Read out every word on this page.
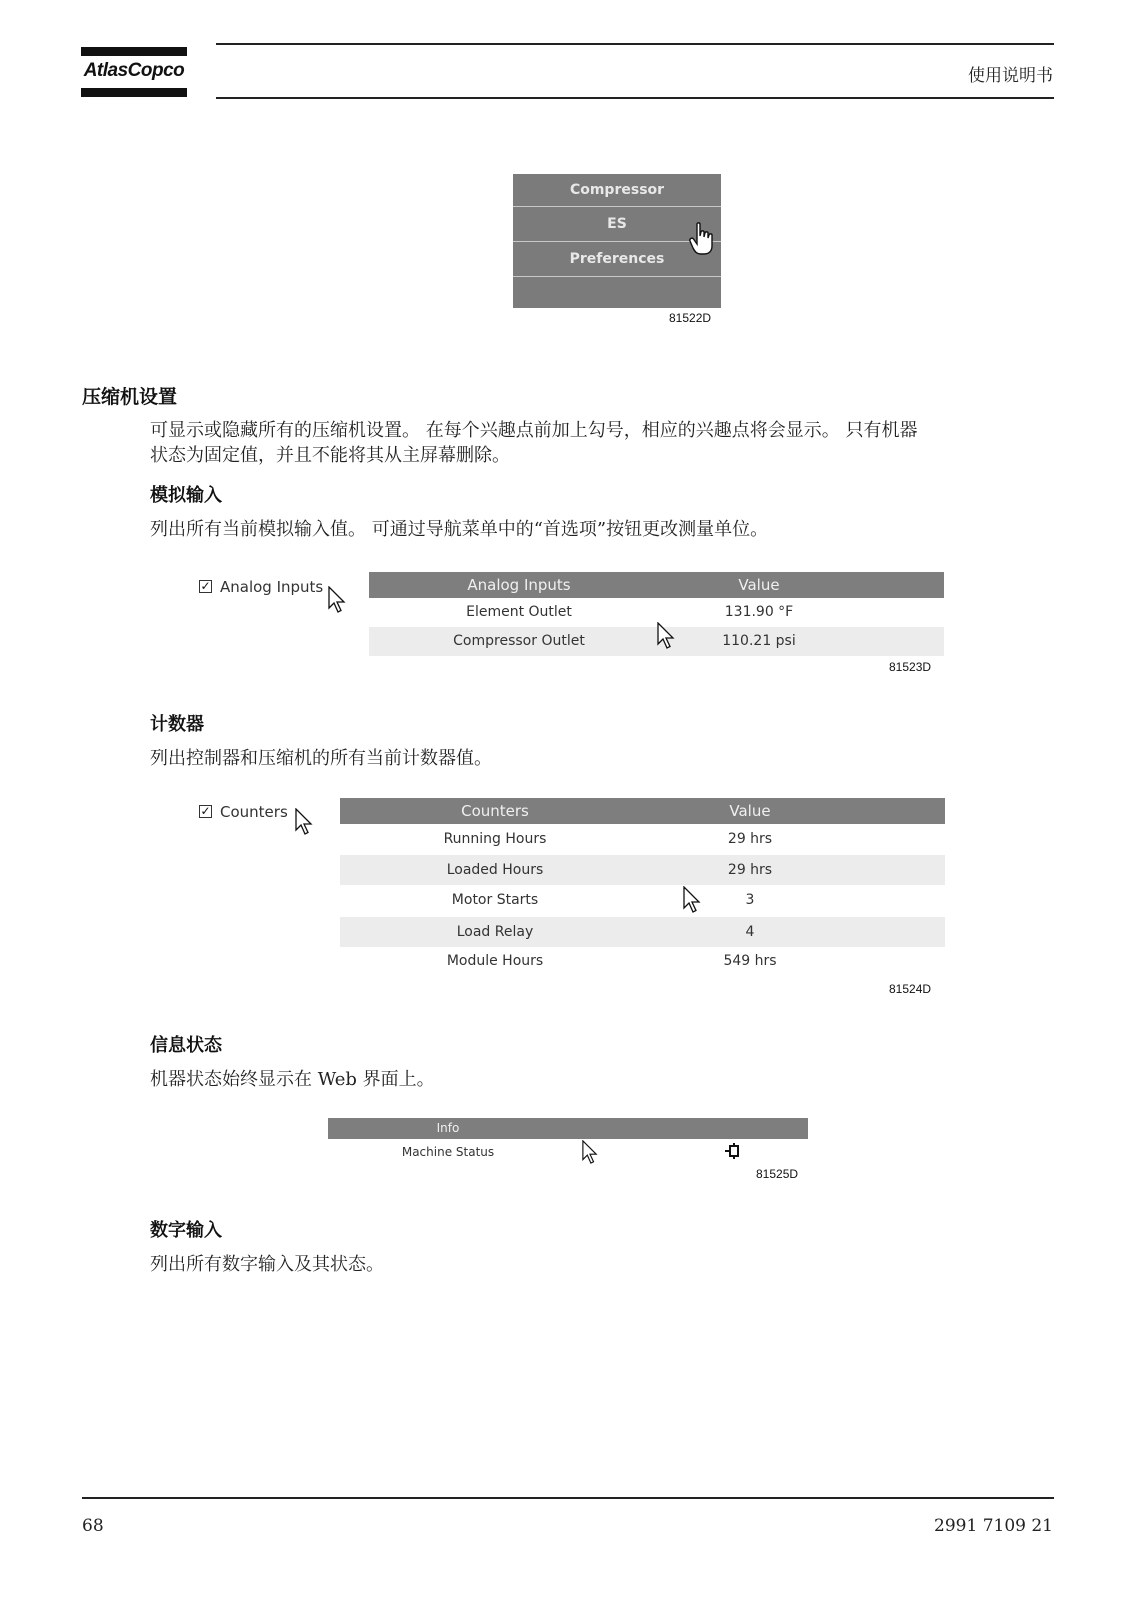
AtlasCopco	使用说明书
Compressor
ES
Preferences
81522D
压缩机设置
可显示或隐藏所有的压缩机设置。 在每个兴趣点前加上勾号，相应的兴趣点将会显示。 只有机器
状态为固定值，并且不能将其从主屏幕删除。
模拟输入
列出所有当前模拟输入值。 可通过导航菜单中的“首选项”按钮更改测量单位。
✓ Analog Inputs	Analog Inputs	Value
Element Outlet	131.90 °F
Compressor Outlet	110.21 psi
81523D
计数器
列出控制器和压缩机的所有当前计数器值。
✓ Counters	Counters	Value
Running Hours	29 hrs
Loaded Hours	29 hrs
Motor Starts	3
Load Relay	4
Module Hours	549 hrs
81524D
信息状态
机器状态始终显示在 Web 界面上。
Info
Machine Status
81525D
数字输入
列出所有数字输入及其状态。
68	2991 7109 21
